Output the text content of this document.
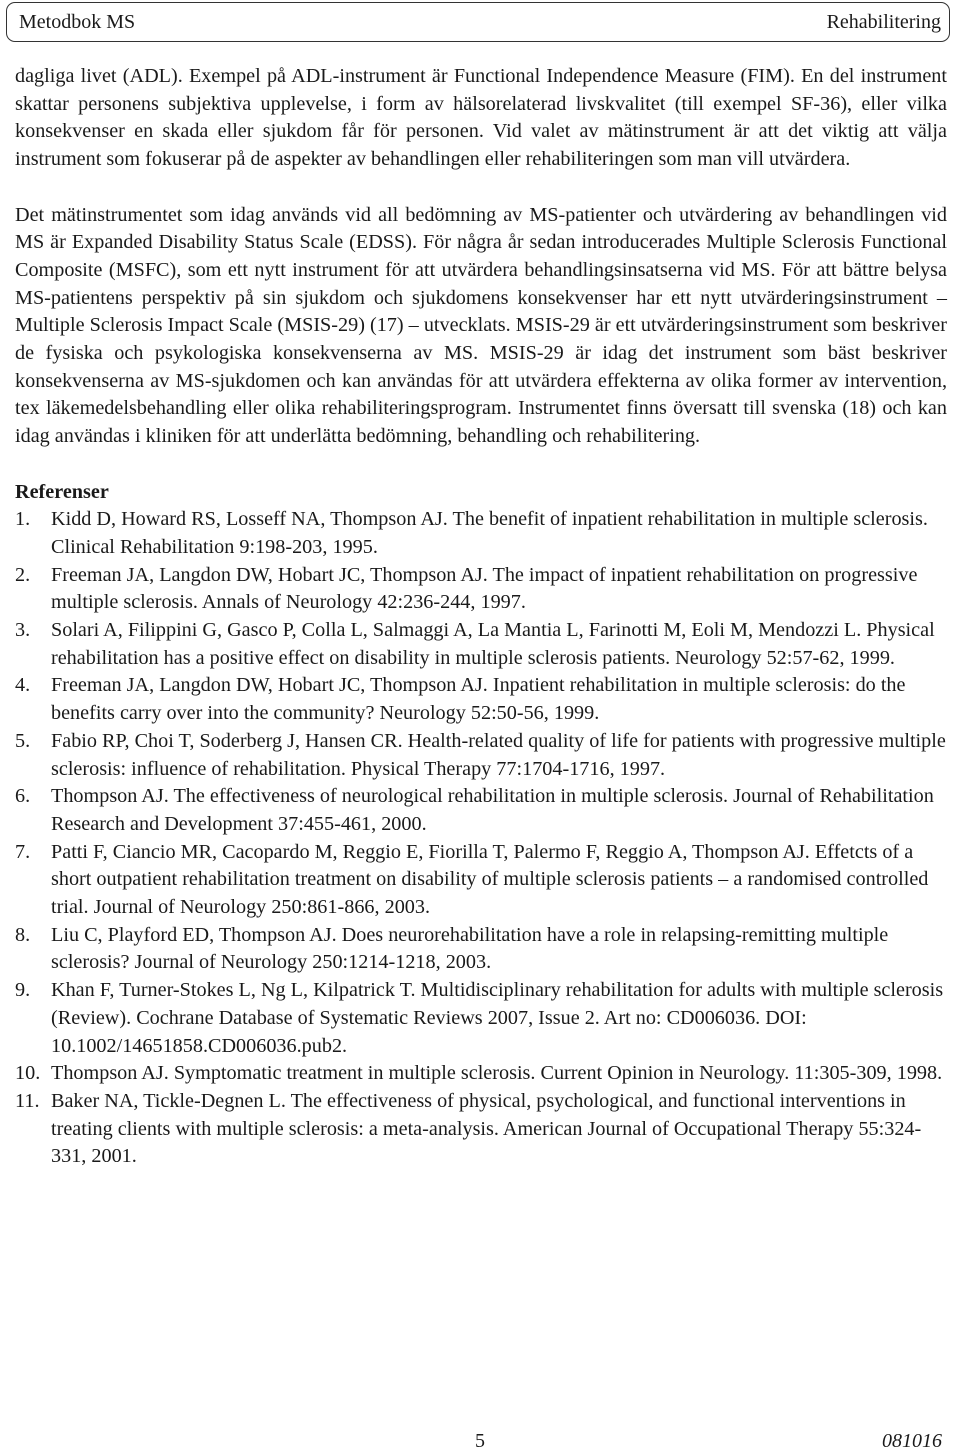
Metodbok MS	Rehabilitering

dagliga livet (ADL). Exempel på ADL-instrument är Functional Independence Measure (FIM). En del instrument skattar personens subjektiva upplevelse, i form av hälsorelaterad livskvalitet (till exempel SF-36), eller vilka konsekvenser en skada eller sjukdom får för personen. Vid valet av mätinstrument är att det viktig att välja instrument som fokuserar på de aspekter av behandlingen eller rehabiliteringen som man vill utvärdera.

Det mätinstrumentet som idag används vid all bedömning av MS-patienter och utvärdering av behandlingen vid MS är Expanded Disability Status Scale (EDSS). För några år sedan introducerades Multiple Sclerosis Functional Composite (MSFC), som ett nytt instrument för att utvärdera behandlingsinsatserna vid MS. För att bättre belysa MS-patientens perspektiv på sin sjukdom och sjukdomens konsekvenser har ett nytt utvärderingsinstrument – Multiple Sclerosis Impact Scale (MSIS-29) (17) – utvecklats. MSIS-29 är ett utvärderingsinstrument som beskriver de fysiska och psykologiska konsekvenserna av MS. MSIS-29 är idag det instrument som bäst beskriver konsekvenserna av MS-sjukdomen och kan användas för att utvärdera effekterna av olika former av intervention, tex läkemedelsbehandling eller olika rehabiliteringsprogram. Instrumentet finns översatt till svenska (18) och kan idag användas i kliniken för att underlätta bedömning, behandling och rehabilitering.

Referenser
1. Kidd D, Howard RS, Losseff NA, Thompson AJ. The benefit of inpatient rehabilitation in multiple sclerosis. Clinical Rehabilitation 9:198-203, 1995.
2. Freeman JA, Langdon DW, Hobart JC, Thompson AJ. The impact of inpatient rehabilitation on progressive multiple sclerosis. Annals of Neurology 42:236-244, 1997.
3. Solari A, Filippini G, Gasco P, Colla L, Salmaggi A, La Mantia L, Farinotti M, Eoli M, Mendozzi L. Physical rehabilitation has a positive effect on disability in multiple sclerosis patients. Neurology 52:57-62, 1999.
4. Freeman JA, Langdon DW, Hobart JC, Thompson AJ. Inpatient rehabilitation in multiple sclerosis: do the benefits carry over into the community? Neurology 52:50-56, 1999.
5. Fabio RP, Choi T, Soderberg J, Hansen CR. Health-related quality of life for patients with progressive multiple sclerosis: influence of rehabilitation. Physical Therapy 77:1704-1716, 1997.
6. Thompson AJ. The effectiveness of neurological rehabilitation in multiple sclerosis. Journal of Rehabilitation Research and Development 37:455-461, 2000.
7. Patti F, Ciancio MR, Cacopardo M, Reggio E, Fiorilla T, Palermo F, Reggio A, Thompson AJ. Effetcts of a short outpatient rehabilitation treatment on disability of multiple sclerosis patients – a randomised controlled trial. Journal of Neurology 250:861-866, 2003.
8. Liu C, Playford ED, Thompson AJ. Does neurorehabilitation have a role in relapsing-remitting multiple sclerosis? Journal of Neurology 250:1214-1218, 2003.
9. Khan F, Turner-Stokes L, Ng L, Kilpatrick T. Multidisciplinary rehabilitation for adults with multiple sclerosis (Review). Cochrane Database of Systematic Reviews 2007, Issue 2. Art no: CD006036. DOI: 10.1002/14651858.CD006036.pub2.
10. Thompson AJ. Symptomatic treatment in multiple sclerosis. Current Opinion in Neurology. 11:305-309, 1998.
11. Baker NA, Tickle-Degnen L. The effectiveness of physical, psychological, and functional interventions in treating clients with multiple sclerosis: a meta-analysis. American Journal of Occupational Therapy 55:324-331, 2001.
5	081016
